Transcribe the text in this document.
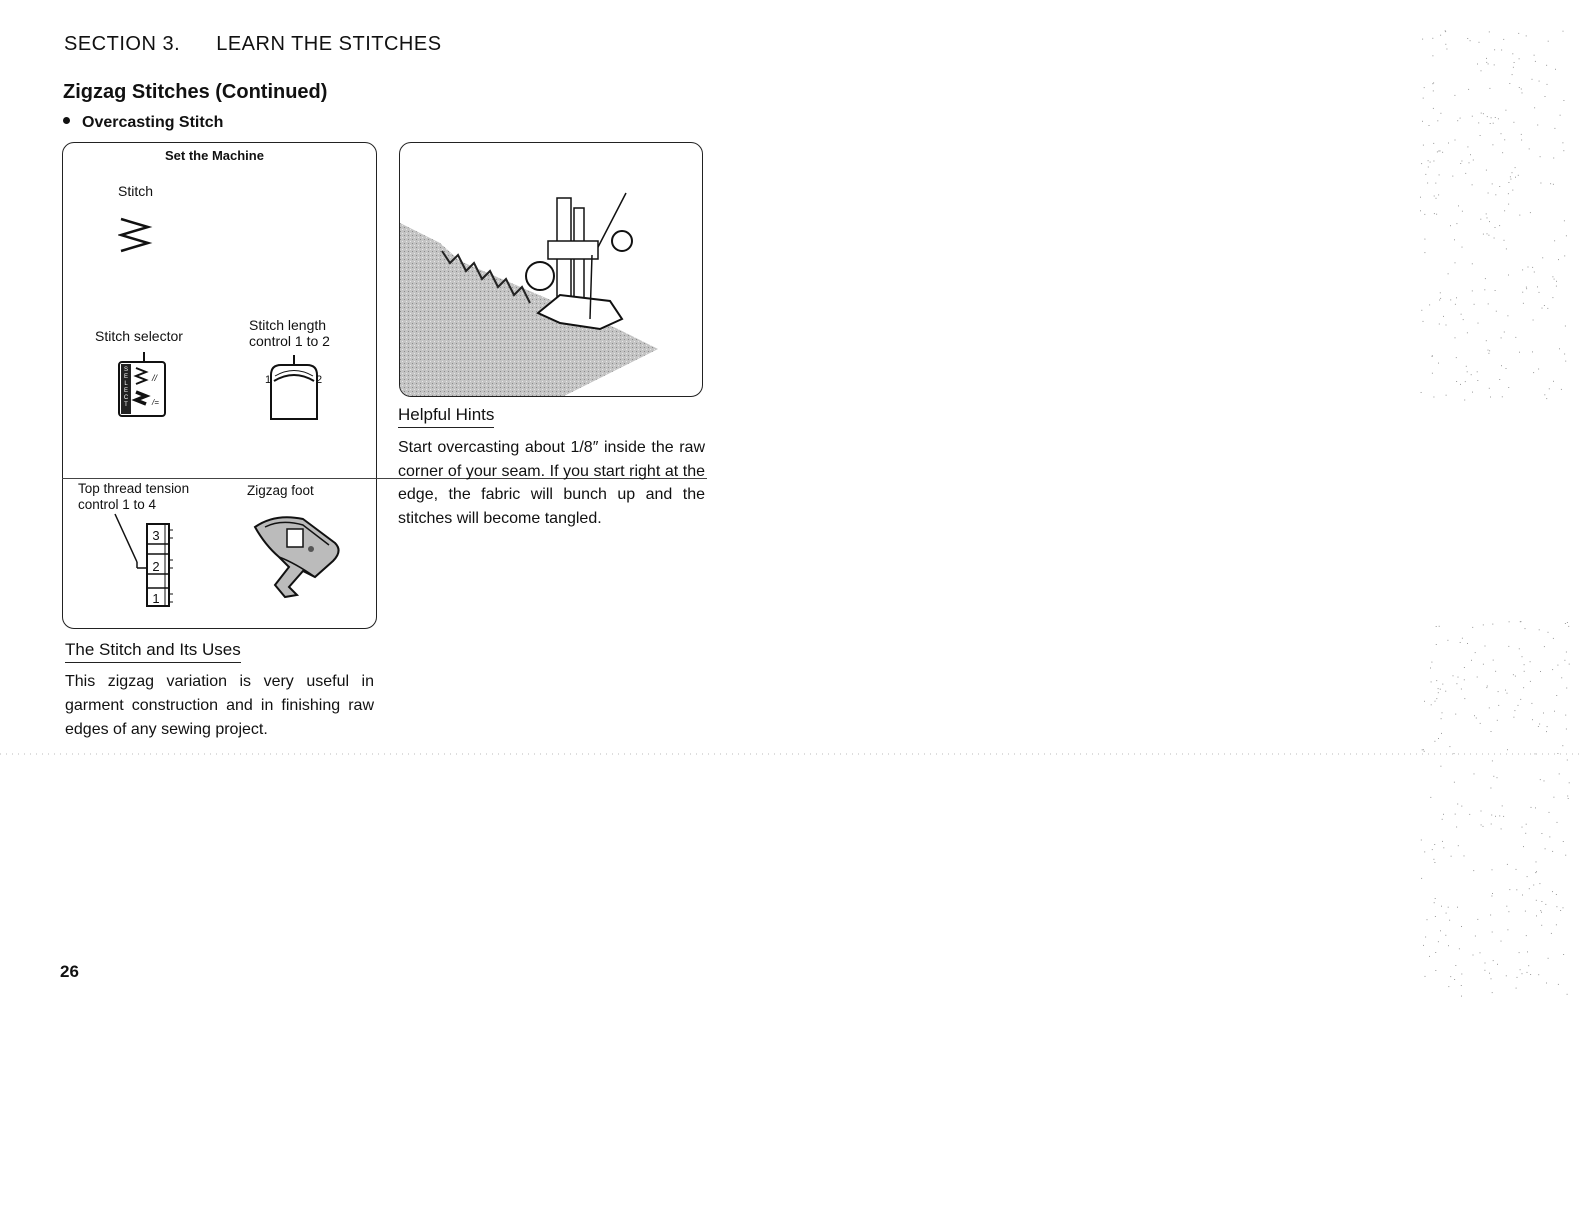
SECTION 3. LEARN THE STITCHES
Zigzag Stitches (Continued)
Overcasting Stitch
Set the Machine
Stitch
Stitch selector
Stitch length
control 1 to 2
S E L E C T
//
/=
1	2
Top thread tension
control 1 to 4
Zigzag foot
3
2
1
The Stitch and Its Uses
This zigzag variation is very useful in garment construction and in finishing raw edges of any sewing project.
Helpful Hints
Start overcasting about 1/8″ inside the raw corner of your seam. If you start right at the edge, the fabric will bunch up and the stitches will become tangled.
26
